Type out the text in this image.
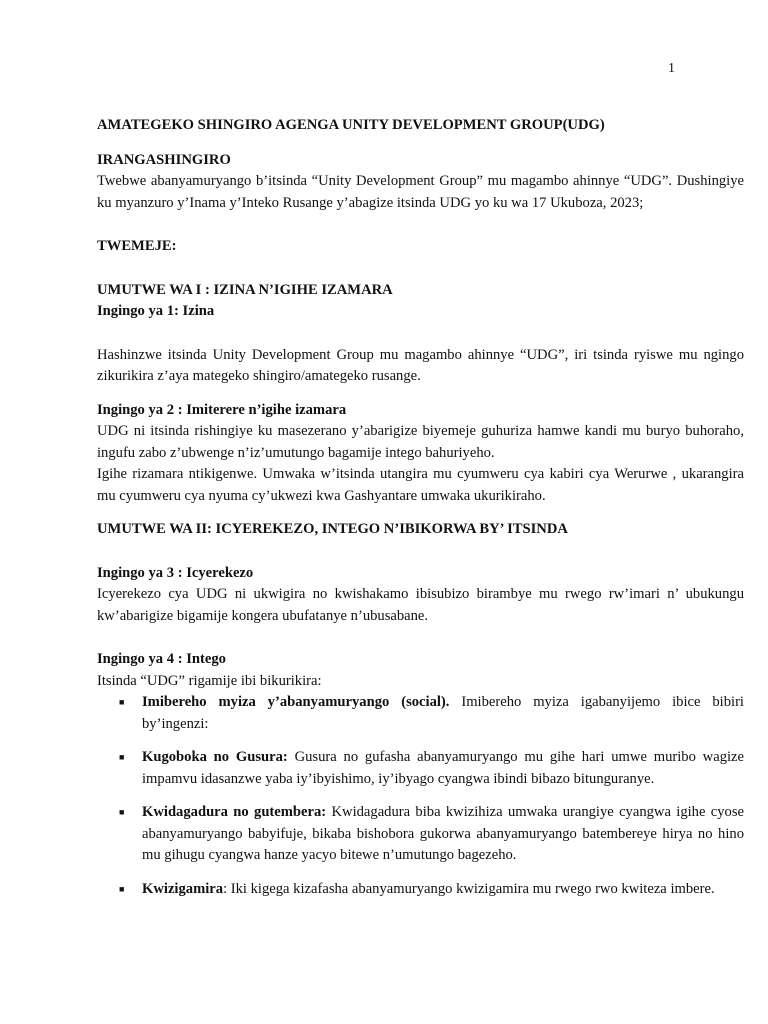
1
AMATEGEKO SHINGIRO AGENGA UNITY DEVELOPMENT GROUP(UDG)
IRANGASHINGIRO

Twebwe abanyamuryango b’itsinda “Unity Development Group” mu magambo ahinnye “UDG”. Dushingiye ku myanzuro y’Inama y’Inteko Rusange y’abagize itsinda UDG yo ku wa 17 Ukuboza, 2023;

TWEMEJE:

UMUTWE WA I : IZINA N’IGIHE IZAMARA
Ingingo ya 1: Izina

Hashinzwe itsinda Unity Development Group mu magambo ahinnye “UDG”, iri tsinda ryiswe mu ngingo zikurikira z’aya mategeko shingiro/amategeko rusange.

Ingingo ya 2 : Imiterere n’igihe izamara

UDG ni itsinda rishingiye ku masezerano y’abarigize biyemeje guhuriza hamwe kandi mu buryo buhoraho, ingufu zabo z’ubwenge n’iz’umutungo bagamije intego bahuriyeho.

Igihe rizamara ntikigenwe. Umwaka w’itsinda utangira mu cyumweru cya kabiri cya Werurwe , ukarangira mu cyumweru cya nyuma cy’ukwezi kwa Gashyantare umwaka ukurikiraho.

UMUTWE WA II: ICYEREKEZO, INTEGO N’IBIKORWA BY’ ITSINDA
Ingingo ya 3 : Icyerekezo

Icyerekezo cya UDG ni ukwigira no kwishakamo ibisubizo birambye mu rwego rw’imari n’ ubukungu kw’abarigize bigamije kongera ubufatanye n’ubusabane.

Ingingo ya 4 : Intego

Itsinda “UDG” rigamije ibi bikurikira:

■ Imibereho myiza y’abanyamuryango (social). Imibereho myiza igabanyijemo ibice bibiri by’ingenzi:
■ Kugoboka no Gusura: Gusura no gufasha abanyamuryango mu gihe hari umwe muribo wagize impamvu idasanzwe yaba iy’ibyishimo, iy’ibyago cyangwa ibindi bibazo bitunguranye.
■ Kwidagadura no gutembera: Kwidagadura biba kwizihiza umwaka urangiye cyangwa igihe cyose abanyamuryango babyifuje, bikaba bishobora gukorwa abanyamuryango batembereye hirya no hino mu gihugu cyangwa hanze yacyo bitewe n’umutungo bagezeho.
■ Kwizigamira: Iki kigega kizafasha abanyamuryango kwizigamira mu rwego rwo kwiteza imbere.
